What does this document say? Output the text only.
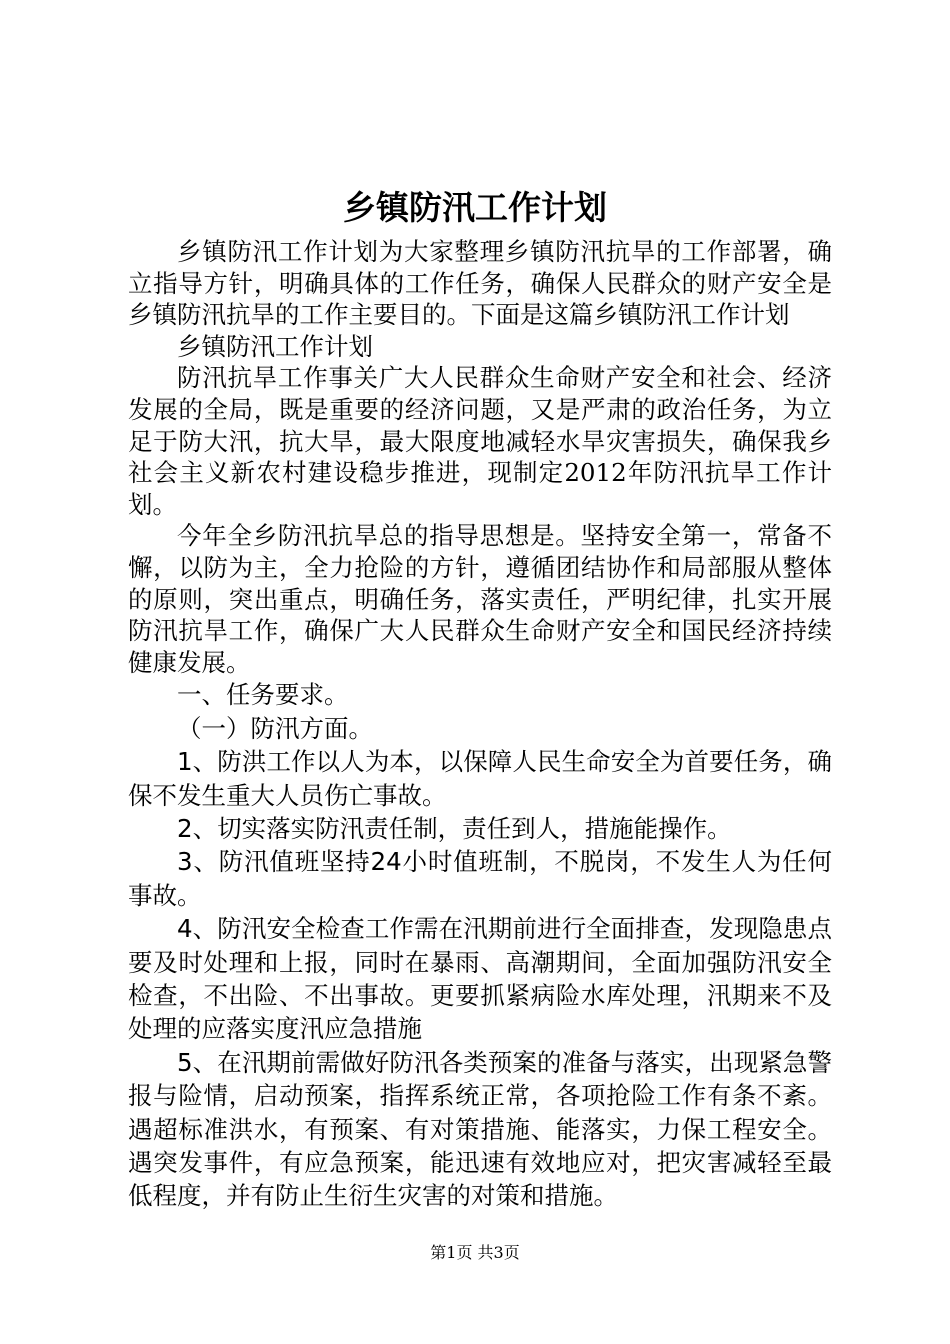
乡镇防汛工作计划

乡镇防汛工作计划为大家整理乡镇防汛抗旱的工作部署，确立指导方针，明确具体的工作任务，确保人民群众的财产安全是乡镇防汛抗旱的工作主要目的。下面是这篇乡镇防汛工作计划

乡镇防汛工作计划

防汛抗旱工作事关广大人民群众生命财产安全和社会、经济发展的全局，既是重要的经济问题，又是严肃的政治任务，为立足于防大汛，抗大旱，最大限度地减轻水旱灾害损失，确保我乡社会主义新农村建设稳步推进，现制定2012年防汛抗旱工作计划。

今年全乡防汛抗旱总的指导思想是。坚持安全第一，常备不懈，以防为主，全力抢险的方针，遵循团结协作和局部服从整体的原则，突出重点，明确任务，落实责任，严明纪律，扎实开展防汛抗旱工作，确保广大人民群众生命财产安全和国民经济持续健康发展。

一、任务要求。

（一）防汛方面。

1、防洪工作以人为本，以保障人民生命安全为首要任务，确保不发生重大人员伤亡事故。

2、切实落实防汛责任制，责任到人，措施能操作。

3、防汛值班坚持24小时值班制，不脱岗，不发生人为任何事故。

4、防汛安全检查工作需在汛期前进行全面排查，发现隐患点要及时处理和上报，同时在暴雨、高潮期间，全面加强防汛安全检查，不出险、不出事故。更要抓紧病险水库处理，汛期来不及处理的应落实度汛应急措施

5、在汛期前需做好防汛各类预案的准备与落实，出现紧急警报与险情，启动预案，指挥系统正常，各项抢险工作有条不紊。遇超标准洪水，有预案、有对策措施、能落实，力保工程安全。遇突发事件，有应急预案，能迅速有效地应对，把灾害减轻至最低程度，并有防止生衍生灾害的对策和措施。

第1页 共3页
